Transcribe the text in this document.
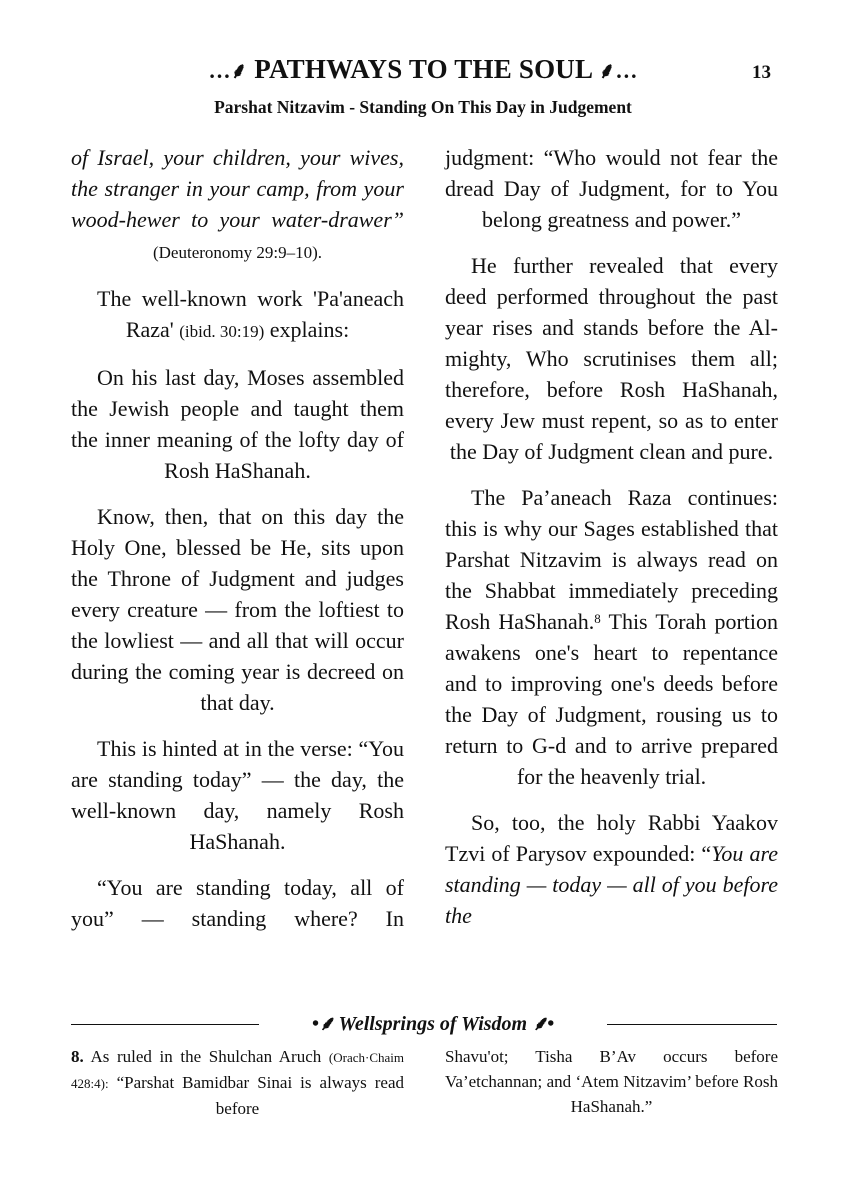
…⸙ PATHWAYS TO THE SOUL ⸙…	13
Parshat Nitzavim - Standing On This Day in Judgement

of Israel, your children, your wives, the stranger in your camp, from your wood-hewer to your water-drawer” (Deuteronomy 29:9–10).

The well-known work 'Pa'aneach Raza' (ibid. 30:19) explains:

On his last day, Moses assembled the Jewish people and taught them the inner meaning of the lofty day of Rosh HaShanah.

Know, then, that on this day the Holy One, blessed be He, sits upon the Throne of Judgment and judges every creature — from the loftiest to the lowliest — and all that will occur during the coming year is decreed on that day.

This is hinted at in the verse: “You are standing today” — the day, the well-known day, namely Rosh HaShanah.

“You are standing today, all of you” — standing where? In

judgment: “Who would not fear the dread Day of Judgment, for to You belong greatness and power.”

He further revealed that every deed performed throughout the past year rises and stands before the Al-mighty, Who scrutinises them all; therefore, before Rosh HaShanah, every Jew must repent, so as to enter the Day of Judgment clean and pure.

The Pa’aneach Raza continues: this is why our Sages established that Parshat Nitzavim is always read on the Shabbat immediately preceding Rosh HaShanah.$^8$ This Torah portion awakens one's heart to repentance and to improving one's deeds before the Day of Judgment, rousing us to return to G-d and to arrive prepared for the heavenly trial.

So, too, the holy Rabbi Yaakov Tzvi of Parysov expounded: “You are standing — today — all of you before the

•⸙ Wellsprings of Wisdom ⸙•

8. As ruled in the Shulchan Aruch (Orach·Chaim 428:4): “Parshat Bamidbar Sinai is always read before

Shavu'ot; Tisha B’Av occurs before Va’etchannan; and ‘Atem Nitzavim’ before Rosh HaShanah.”
